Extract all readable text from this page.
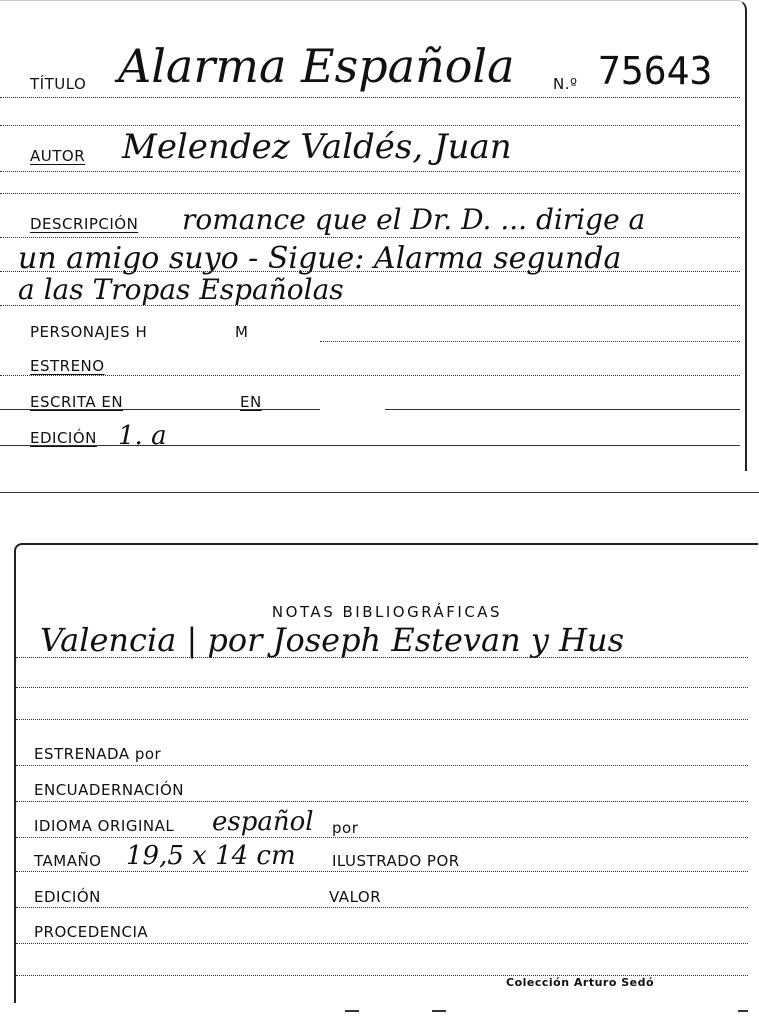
TÍTULO Alarma Española	N.º 75643
AUTOR Melendez Valdés, Juan
DESCRIPCIÓN romance que el Dr. D. ... dirige a
un amigo suyo - Sigue: Alarma segunda
a las Tropas Españolas
PERSONAJES H	M
ESTRENO
ESCRITA EN	EN
EDICIÓN 1. a
NOTAS BIBLIOGRÁFICAS
Valencia | por Joseph Estevan y Hus
ESTRENADA por
ENCUADERNACIÓN
IDIOMA ORIGINAL español por
TAMAÑO 19,5 x 14 cm ILUSTRADO POR
EDICIÓN	VALOR
PROCEDENCIA
Colección Arturo Sedó
